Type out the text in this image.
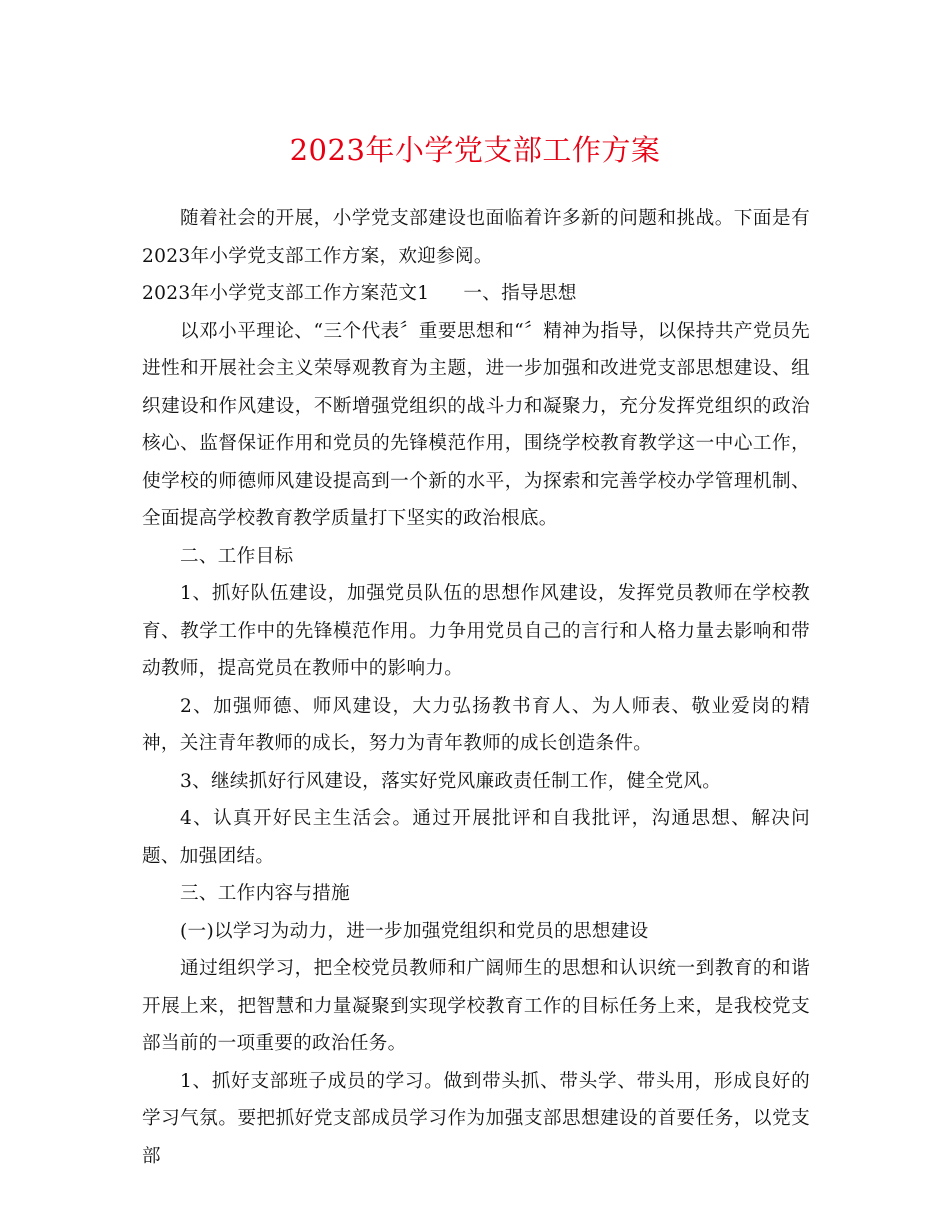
2023年小学党支部工作方案

随着社会的开展，小学党支部建设也面临着许多新的问题和挑战。下面是有2023年小学党支部工作方案，欢迎参阅。

2023年小学党支部工作方案范文1 一、指导思想

以邓小平理论、“三个代表〞重要思想和“〞精神为指导，以保持共产党员先进性和开展社会主义荣辱观教育为主题，进一步加强和改进党支部思想建设、组织建设和作风建设，不断增强党组织的战斗力和凝聚力，充分发挥党组织的政治核心、监督保证作用和党员的先锋模范作用，围绕学校教育教学这一中心工作，使学校的师德师风建设提高到一个新的水平，为探索和完善学校办学管理机制、全面提高学校教育教学质量打下坚实的政治根底。

二、工作目标

1、抓好队伍建设，加强党员队伍的思想作风建设，发挥党员教师在学校教育、教学工作中的先锋模范作用。力争用党员自己的言行和人格力量去影响和带动教师，提高党员在教师中的影响力。

2、加强师德、师风建设，大力弘扬教书育人、为人师表、敬业爱岗的精神，关注青年教师的成长，努力为青年教师的成长创造条件。

3、继续抓好行风建设，落实好党风廉政责任制工作，健全党风。

4、认真开好民主生活会。通过开展批评和自我批评，沟通思想、解决问题、加强团结。

三、工作内容与措施

(一)以学习为动力，进一步加强党组织和党员的思想建设

通过组织学习，把全校党员教师和广阔师生的思想和认识统一到教育的和谐开展上来，把智慧和力量凝聚到实现学校教育工作的目标任务上来，是我校党支部当前的一项重要的政治任务。

1、抓好支部班子成员的学习。做到带头抓、带头学、带头用，形成良好的学习气氛。要把抓好党支部成员学习作为加强支部思想建设的首要任务，以党支部
